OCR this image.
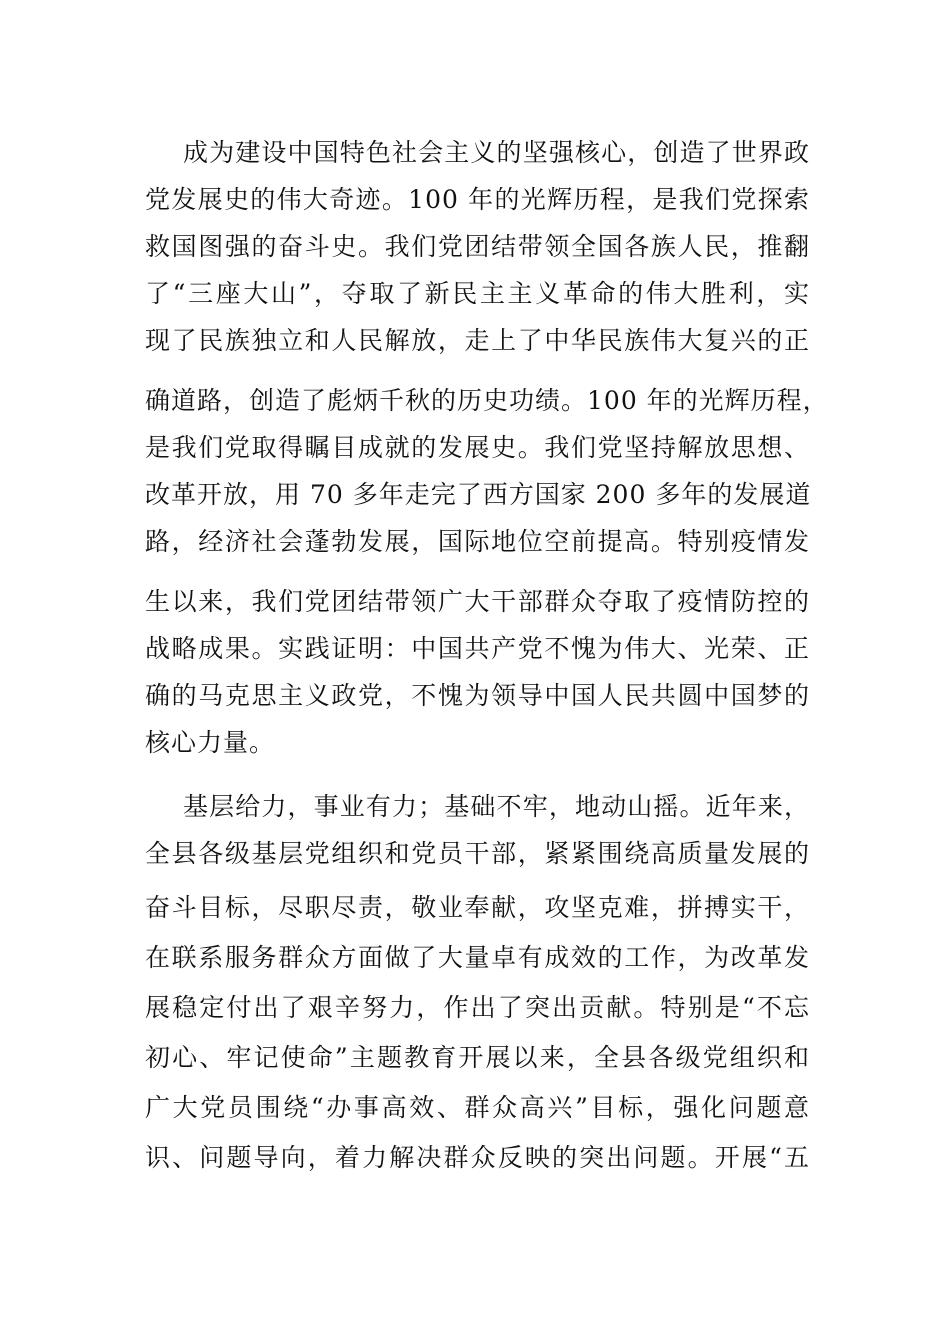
成为建设中国特色社会主义的坚强核心，创造了世界政
党发展史的伟大奇迹。100 年的光辉历程，是我们党探索
救国图强的奋斗史。我们党团结带领全国各族人民，推翻
了“三座大山”，夺取了新民主主义革命的伟大胜利，实
现了民族独立和人民解放，走上了中华民族伟大复兴的正
确道路，创造了彪炳千秋的历史功绩。100 年的光辉历程，
是我们党取得瞩目成就的发展史。我们党坚持解放思想、
改革开放，用 70 多年走完了西方国家 200 多年的发展道
路，经济社会蓬勃发展，国际地位空前提高。特别疫情发
生以来，我们党团结带领广大干部群众夺取了疫情防控的
战略成果。实践证明：中国共产党不愧为伟大、光荣、正
确的马克思主义政党，不愧为领导中国人民共圆中国梦的
核心力量。
基层给力，事业有力；基础不牢，地动山摇。近年来，
全县各级基层党组织和党员干部，紧紧围绕高质量发展的
奋斗目标，尽职尽责，敬业奉献，攻坚克难，拼搏实干，
在联系服务群众方面做了大量卓有成效的工作，为改革发
展稳定付出了艰辛努力，作出了突出贡献。特别是“不忘
初心、牢记使命”主题教育开展以来，全县各级党组织和
广大党员围绕“办事高效、群众高兴”目标，强化问题意
识、问题导向，着力解决群众反映的突出问题。开展“五
